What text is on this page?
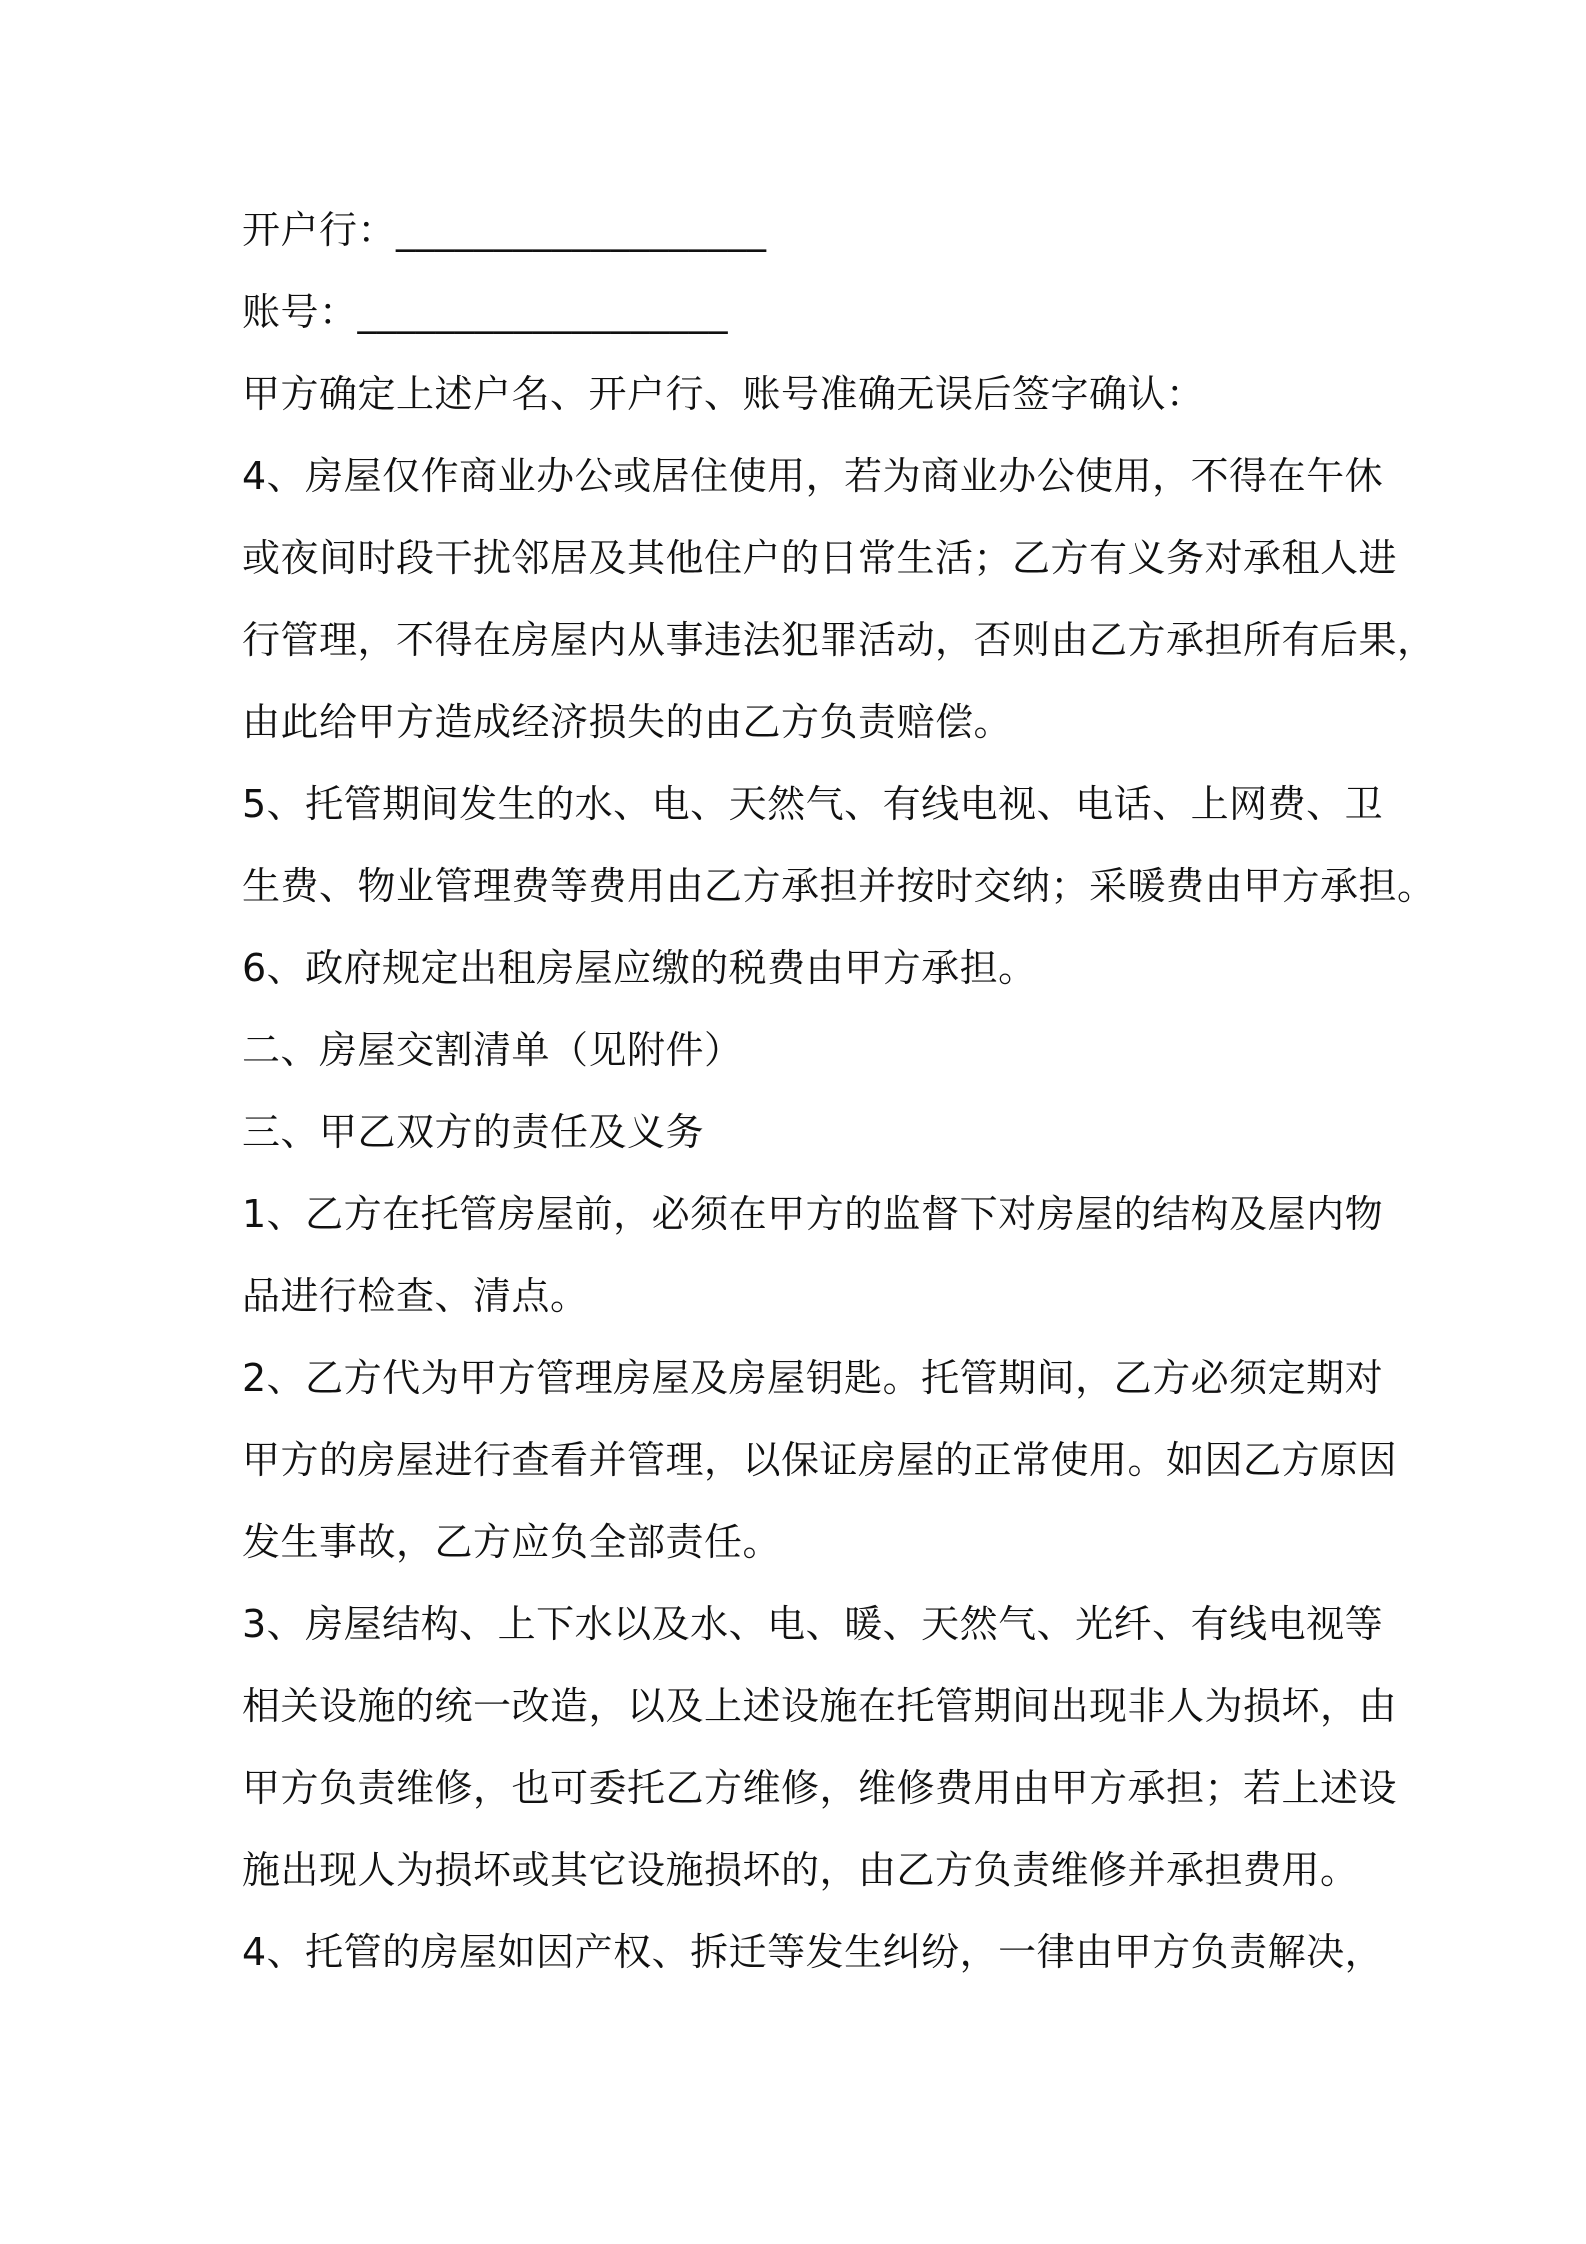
开户行：___________________
账号：___________________
甲方确定上述户名、开户行、账号准确无误后签字确认：
4、房屋仅作商业办公或居住使用，若为商业办公使用，不得在午休
或夜间时段干扰邻居及其他住户的日常生活；乙方有义务对承租人进
行管理，不得在房屋内从事违法犯罪活动，否则由乙方承担所有后果，
由此给甲方造成经济损失的由乙方负责赔偿。
5、托管期间发生的水、电、天然气、有线电视、电话、上网费、卫
生费、物业管理费等费用由乙方承担并按时交纳；采暖费由甲方承担。
6、政府规定出租房屋应缴的税费由甲方承担。
二、房屋交割清单（见附件）
三、甲乙双方的责任及义务
1、乙方在托管房屋前，必须在甲方的监督下对房屋的结构及屋内物
品进行检查、清点。
2、乙方代为甲方管理房屋及房屋钥匙。托管期间，乙方必须定期对
甲方的房屋进行查看并管理，以保证房屋的正常使用。如因乙方原因
发生事故，乙方应负全部责任。
3、房屋结构、上下水以及水、电、暖、天然气、光纤、有线电视等
相关设施的统一改造，以及上述设施在托管期间出现非人为损坏，由
甲方负责维修，也可委托乙方维修，维修费用由甲方承担；若上述设
施出现人为损坏或其它设施损坏的，由乙方负责维修并承担费用。
4、托管的房屋如因产权、拆迁等发生纠纷，一律由甲方负责解决，
